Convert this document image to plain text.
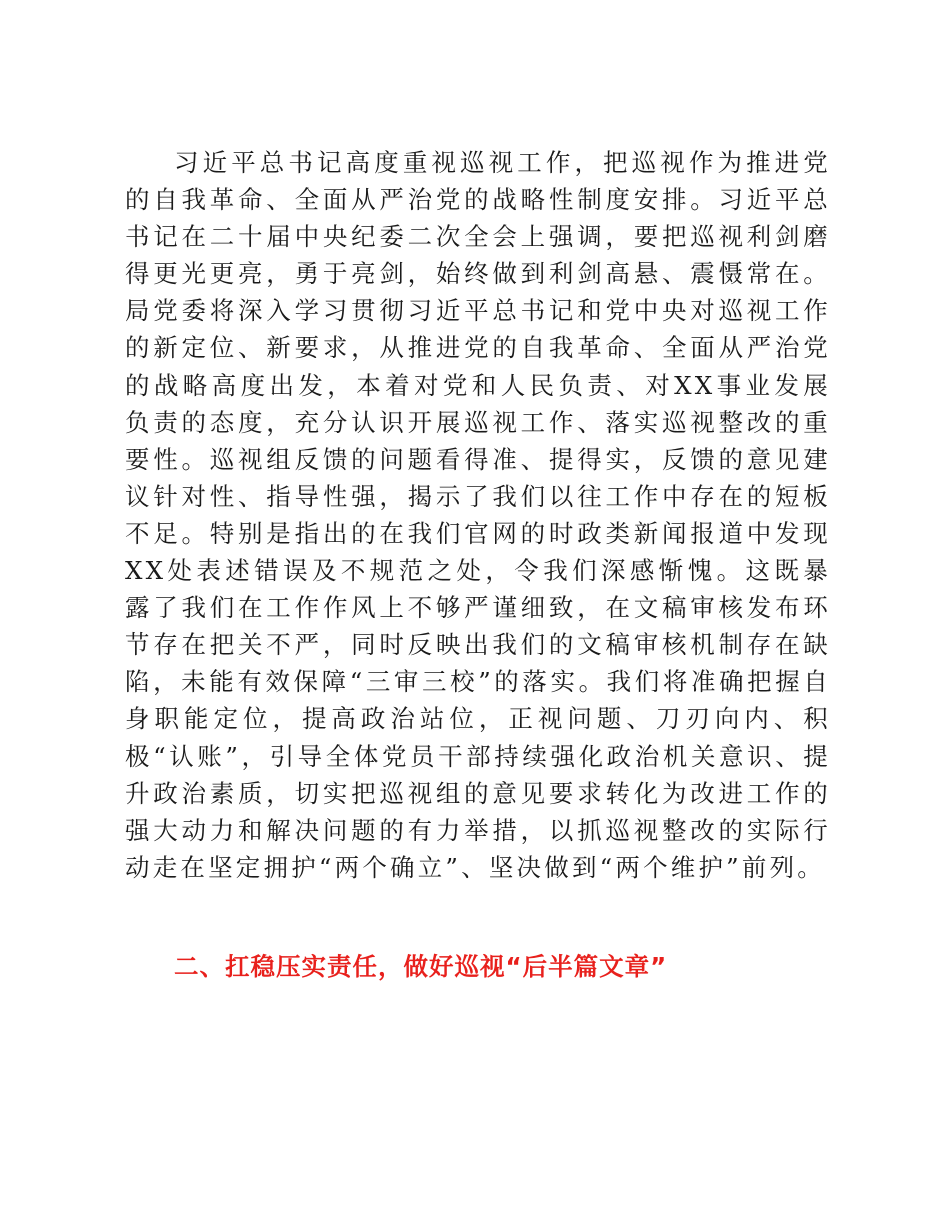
习近平总书记高度重视巡视工作，把巡视作为推进党的自我革命、全面从严治党的战略性制度安排。习近平总书记在二十届中央纪委二次全会上强调，要把巡视利剑磨得更光更亮，勇于亮剑，始终做到利剑高悬、震慑常在。局党委将深入学习贯彻习近平总书记和党中央对巡视工作的新定位、新要求，从推进党的自我革命、全面从严治党的战略高度出发，本着对党和人民负责、对XX事业发展负责的态度，充分认识开展巡视工作、落实巡视整改的重要性。巡视组反馈的问题看得准、提得实，反馈的意见建议针对性、指导性强，揭示了我们以往工作中存在的短板不足。特别是指出的在我们官网的时政类新闻报道中发现XX处表述错误及不规范之处，令我们深感惭愧。这既暴露了我们在工作作风上不够严谨细致，在文稿审核发布环节存在把关不严，同时反映出我们的文稿审核机制存在缺陷，未能有效保障“三审三校”的落实。我们将准确把握自身职能定位，提高政治站位，正视问题、刀刃向内、积极“认账”，引导全体党员干部持续强化政治机关意识、提升政治素质，切实把巡视组的意见要求转化为改进工作的强大动力和解决问题的有力举措，以抓巡视整改的实际行动走在坚定拥护“两个确立”、坚决做到“两个维护”前列。

二、扛稳压实责任，做好巡视“后半篇文章”
